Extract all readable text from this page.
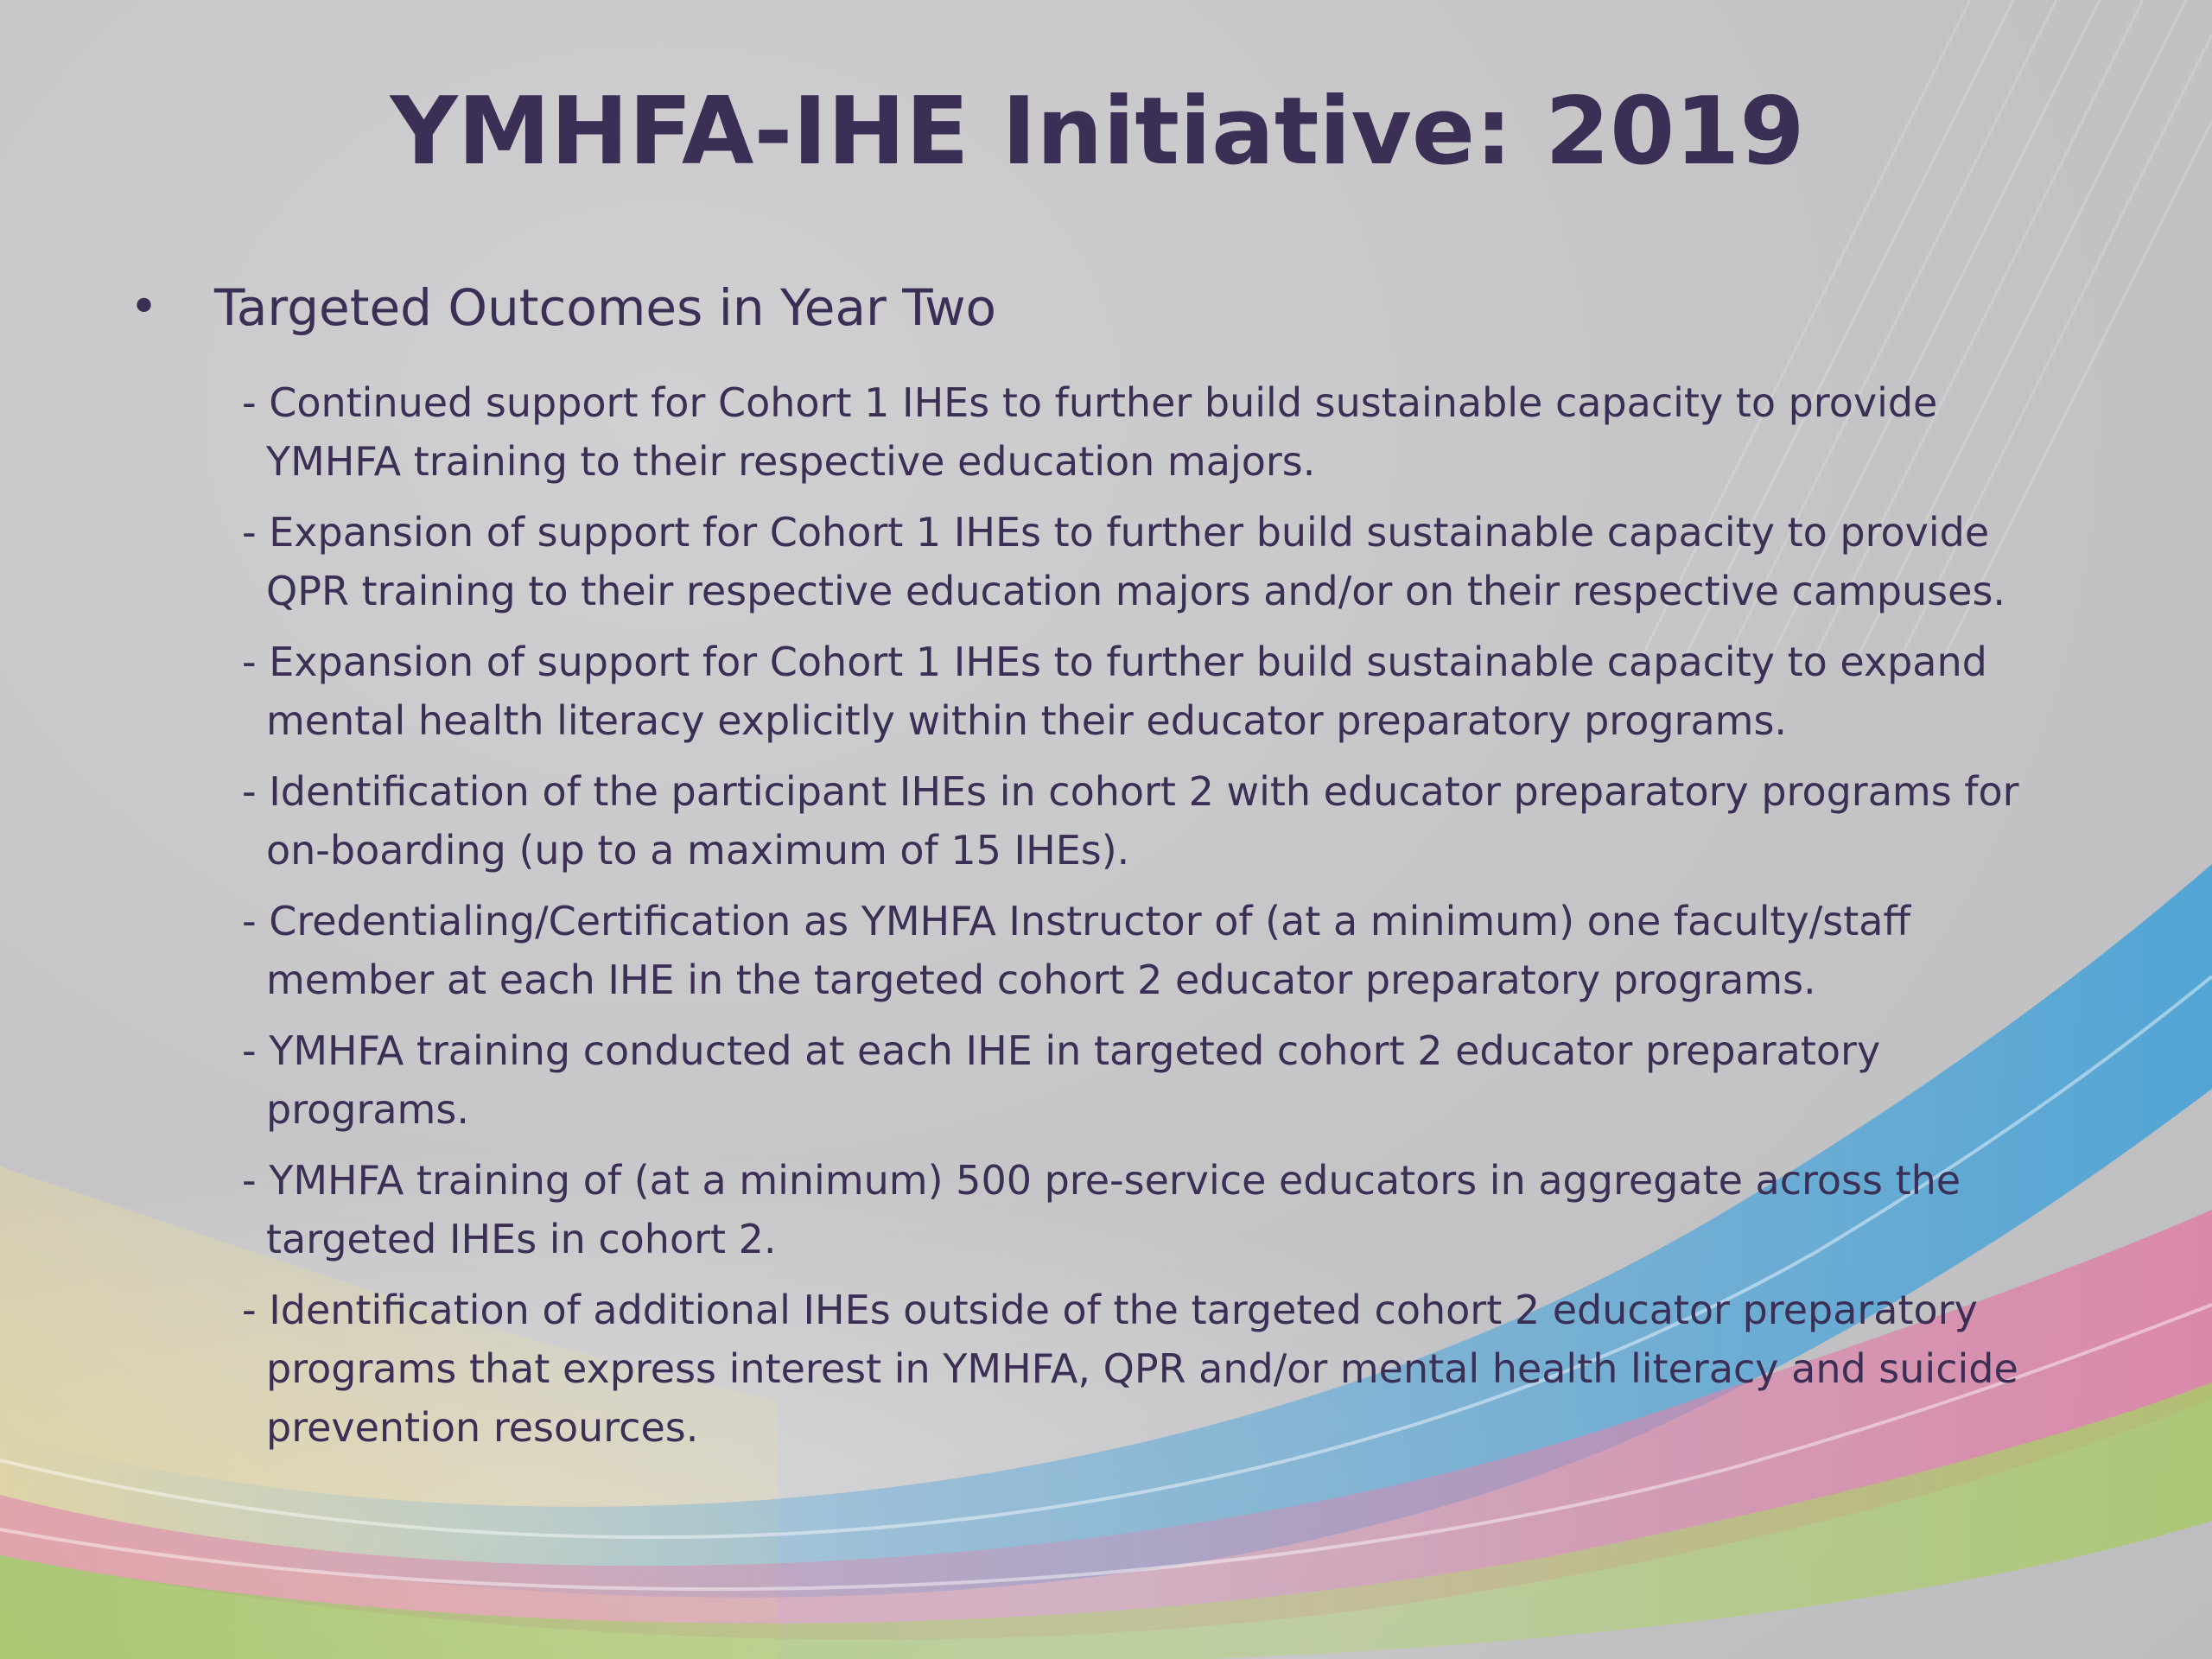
YMHFA-IHE Initiative: 2019
•	Targeted Outcomes in Year Two
- Continued support for Cohort 1 IHEs to further build sustainable capacity to provide YMHFA training to their respective education majors.
- Expansion of support for Cohort 1 IHEs to further build sustainable capacity to provide QPR training to their respective education majors and/or on their respective campuses.
- Expansion of support for Cohort 1 IHEs to further build sustainable capacity to expand mental health literacy explicitly within their educator preparatory programs.
- Identification of the participant IHEs in cohort 2 with educator preparatory programs for on-boarding (up to a maximum of 15 IHEs).
- Credentialing/Certification as YMHFA Instructor of (at a minimum) one faculty/staff member at each IHE in the targeted cohort 2 educator preparatory programs.
- YMHFA training conducted at each IHE in targeted cohort 2 educator preparatory programs.
- YMHFA training of (at a minimum) 500 pre-service educators in aggregate across the targeted IHEs in cohort 2.
- Identification of additional IHEs outside of the targeted cohort 2 educator preparatory programs that express interest in YMHFA, QPR and/or mental health literacy and suicide prevention resources.
